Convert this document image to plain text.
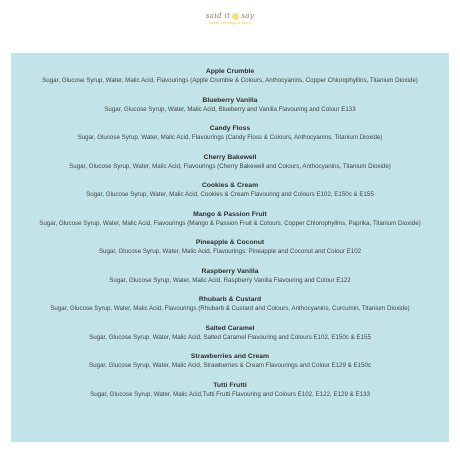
said it say
sweet nothings & more
Apple Crumble
Sugar, Glucose Syrup, Water, Malic Acid, Flavourings (Apple Crumble & Colours, Anthocyanins, Copper Chlorophyllins, Titanium Dioxide)
Blueberry Vanilla
Sugar, Glucose Syrup, Water, Malic Acid, Blueberry and Vanilla Flavouring and Colour E133
Candy Floss
Sugar, Glucose Syrup, Water, Malic Acid, Flavourings (Candy Floss & Colours, Anthocyanins, Titanium Dioxide)
Cherry Bakewell
Sugar, Glucose Syrup, Water, Malic Acid, Flavourings (Cherry Bakewell and Colours, Anthocyanins, Titanium Dioxide)
Cookies & Cream
Sugar, Glucose Syrup, Water, Malic Acid, Cookies & Cream Flavouring and Colours E102, E150c & E155
Mango & Passion Fruit
Sugar, Glucose Syrup, Water, Malic Acid, Flavourings (Mango & Passion Fruit & Colours, Copper Chlorophyllins, Paprika, Titanium Dioxide)
Pineapple & Coconut
Sugar, Glucose Syrup, Water, Malic Acid, Flavourings: Pineapple and Coconut and Colour E102
Raspberry Vanilla
Sugar, Glucose Syrup, Water, Malic Acid, Raspberry Vanilla Flavouring and Colour E122
Rhubarb & Custard
Sugar, Glucose Syrup, Water, Malic Acid, Flavourings (Rhubarb & Custard and Colours, Anthocyanins, Curcumin, Titanium Dioxide)
Salted Caramel
Sugar, Glucose Syrup, Water, Malic Acid, Salted Caramel Flavouring and Colours E102, E150c & E155
Strawberries and Cream
Sugar, Glucose Syrup, Water, Malic Acid, Strawberries & Cream Flavourings and Colour E129 & E150c
Tutti Frutti
Sugar, Glucose Syrup, Water, Malic Acid,Tutti Frutti Flavouring and Colours E102, E122, E129 & E133
